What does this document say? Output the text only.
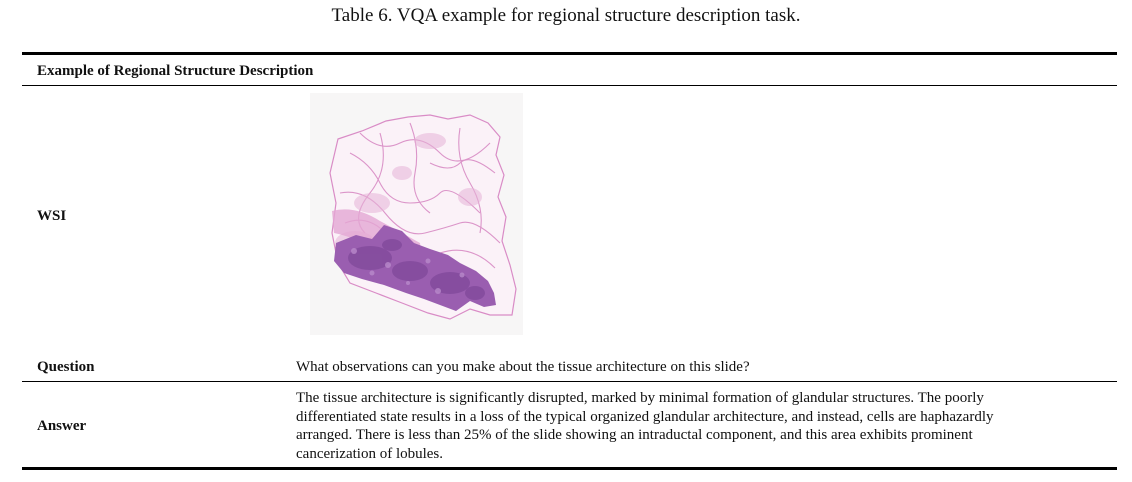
Table 6. VQA example for regional structure description task.
Example of Regional Structure Description
WSI
Question	What observations can you make about the tissue architecture on this slide?
Answer
The tissue architecture is significantly disrupted, marked by minimal formation of glandular structures. The poorly
differentiated state results in a loss of the typical organized glandular architecture, and instead, cells are haphazardly
arranged. There is less than 25% of the slide showing an intraductal component, and this area exhibits prominent
cancerization of lobules.
